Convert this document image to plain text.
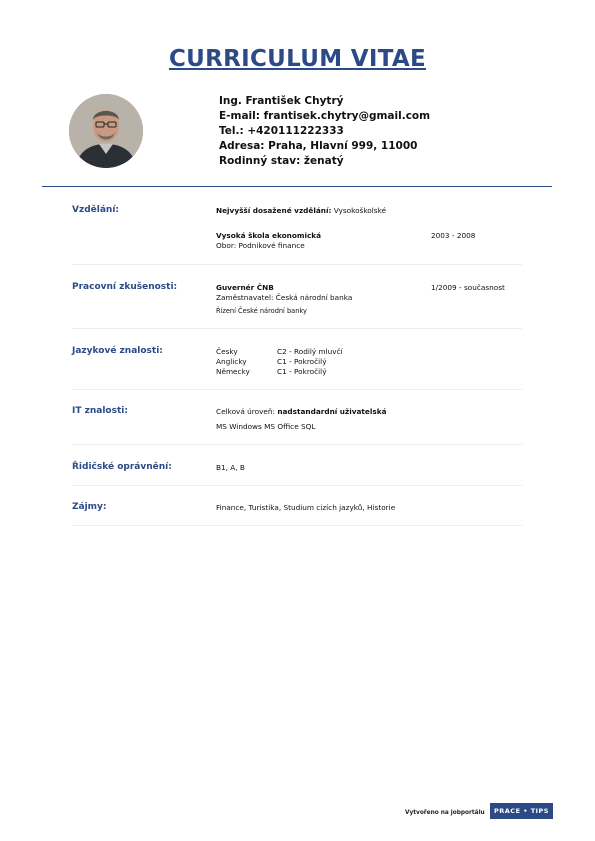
CURRICULUM VITAE
Ing. František Chytrý
E-mail: frantisek.chytry@gmail.com
Tel.: +420111222333
Adresa: Praha, Hlavní 999, 11000
Rodinný stav: ženatý
Vzdělání:	Nejvyšší dosažené vzdělání: Vysokoškolské
Vysoká škola ekonomická
Obor: Podnikové finance
2003 - 2008
Pracovní zkušenosti:	Guvernér ČNB
Zaměstnavatel: Česká národní banka
Řízení České národní banky
1/2009 - současnost
Jazykové znalosti:	Česky	C2 - Rodilý mluvčí
Anglicky	C1 - Pokročilý
Německy	C1 - Pokročilý
IT znalosti:	Celková úroveň: nadstandardní uživatelská
MS Windows MS Office SQL
Řidičské oprávnění:	B1, A, B
Zájmy:	Finance, Turistika, Studium cizích jazyků, Historie
Vytvořeno na jobportálu	PRACE • TIPS
